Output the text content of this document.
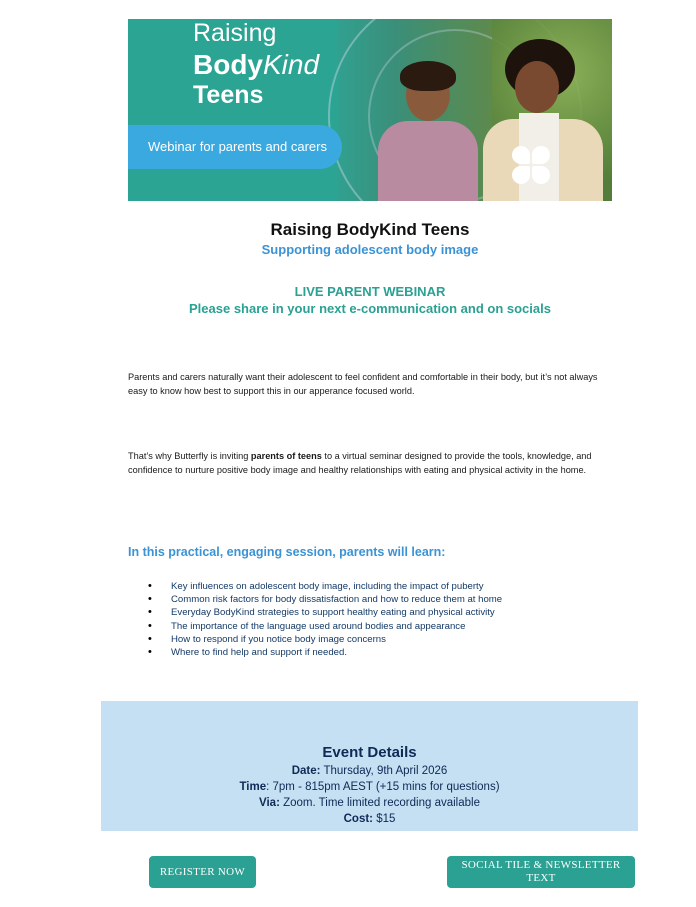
Raising
BodyKind
Teens
Webinar for parents and carers

Raising BodyKind Teens

Supporting adolescent body image

LIVE PARENT WEBINAR

Please share in your next e-communication and on socials

Parents and carers naturally want their adolescent to feel confident and comfortable in their body, but it’s not always easy to know how best to support this in our apperance focused world.

That’s why Butterfly is inviting parents of teens to a virtual seminar designed to provide the tools, knowledge, and confidence to nurture positive body image and healthy relationships with eating and physical activity in the home.

In this practical, engaging session, parents will learn:

• Key influences on adolescent body image, including the impact of puberty
• Common risk factors for body dissatisfaction and how to reduce them at home
• Everyday BodyKind strategies to support healthy eating and physical activity
• The importance of the language used around bodies and appearance
• How to respond if you notice body image concerns
• Where to find help and support if needed.

Event Details

Date: Thursday, 9th April 2026

Time: 7pm - 815pm AEST (+15 mins for questions)

Via: Zoom. Time limited recording available

Cost: $15

REGISTER NOW
SOCIAL TILE & NEWSLETTER
TEXT
